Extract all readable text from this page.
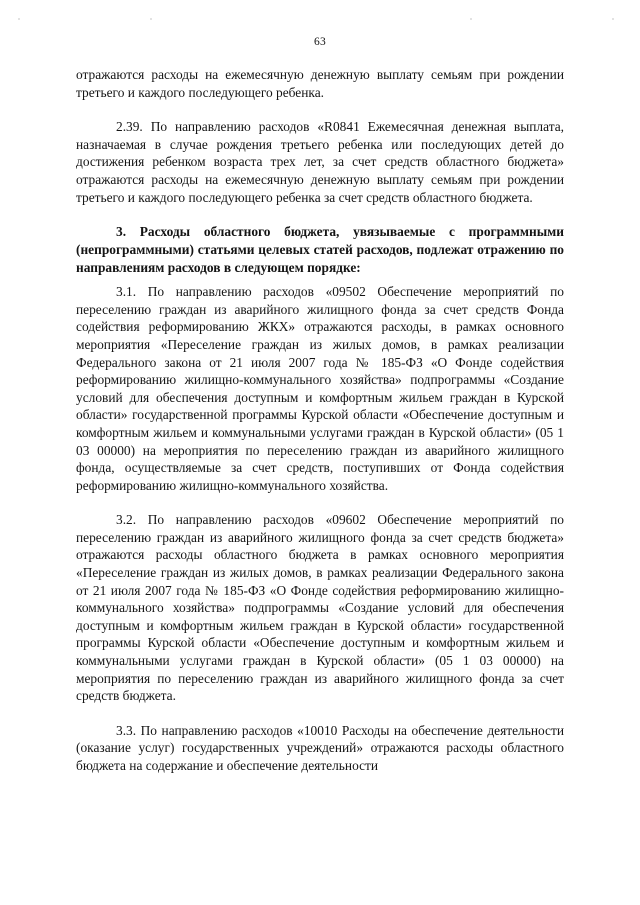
63

отражаются расходы на ежемесячную денежную выплату семьям при рождении третьего и каждого последующего ребенка.

2.39. По направлению расходов «R0841 Ежемесячная денежная выплата, назначаемая в случае рождения третьего ребенка или последующих детей до достижения ребенком возраста трех лет, за счет средств областного бюджета» отражаются расходы на ежемесячную денежную выплату семьям при рождении третьего и каждого последующего ребенка за счет средств областного бюджета.

3. Расходы областного бюджета, увязываемые с программными (непрограммными) статьями целевых статей расходов, подлежат отражению по направлениям расходов в следующем порядке:

3.1. По направлению расходов «09502 Обеспечение мероприятий по переселению граждан из аварийного жилищного фонда за счет средств Фонда содействия реформированию ЖКХ» отражаются расходы, в рамках основного мероприятия «Переселение граждан из жилых домов, в рамках реализации Федерального закона от 21 июля 2007 года № 185-ФЗ «О Фонде содействия реформированию жилищно-коммунального хозяйства» подпрограммы «Создание условий для обеспечения доступным и комфортным жильем граждан в Курской области» государственной программы Курской области «Обеспечение доступным и комфортным жильем и коммунальными услугами граждан в Курской области» (05 1 03 00000) на мероприятия по переселению граждан из аварийного жилищного фонда, осуществляемые за счет средств, поступивших от Фонда содействия реформированию жилищно-коммунального хозяйства.

3.2. По направлению расходов «09602 Обеспечение мероприятий по переселению граждан из аварийного жилищного фонда за счет средств бюджета» отражаются расходы областного бюджета в рамках основного мероприятия «Переселение граждан из жилых домов, в рамках реализации Федерального закона от 21 июля 2007 года № 185-ФЗ «О Фонде содействия реформированию жилищно-коммунального хозяйства» подпрограммы «Создание условий для обеспечения доступным и комфортным жильем граждан в Курской области» государственной программы Курской области «Обеспечение доступным и комфортным жильем и коммунальными услугами граждан в Курской области» (05 1 03 00000) на мероприятия по переселению граждан из аварийного жилищного фонда за счет средств бюджета.

3.3. По направлению расходов «10010 Расходы на обеспечение деятельности (оказание услуг) государственных учреждений» отражаются расходы областного бюджета на содержание и обеспечение деятельности
